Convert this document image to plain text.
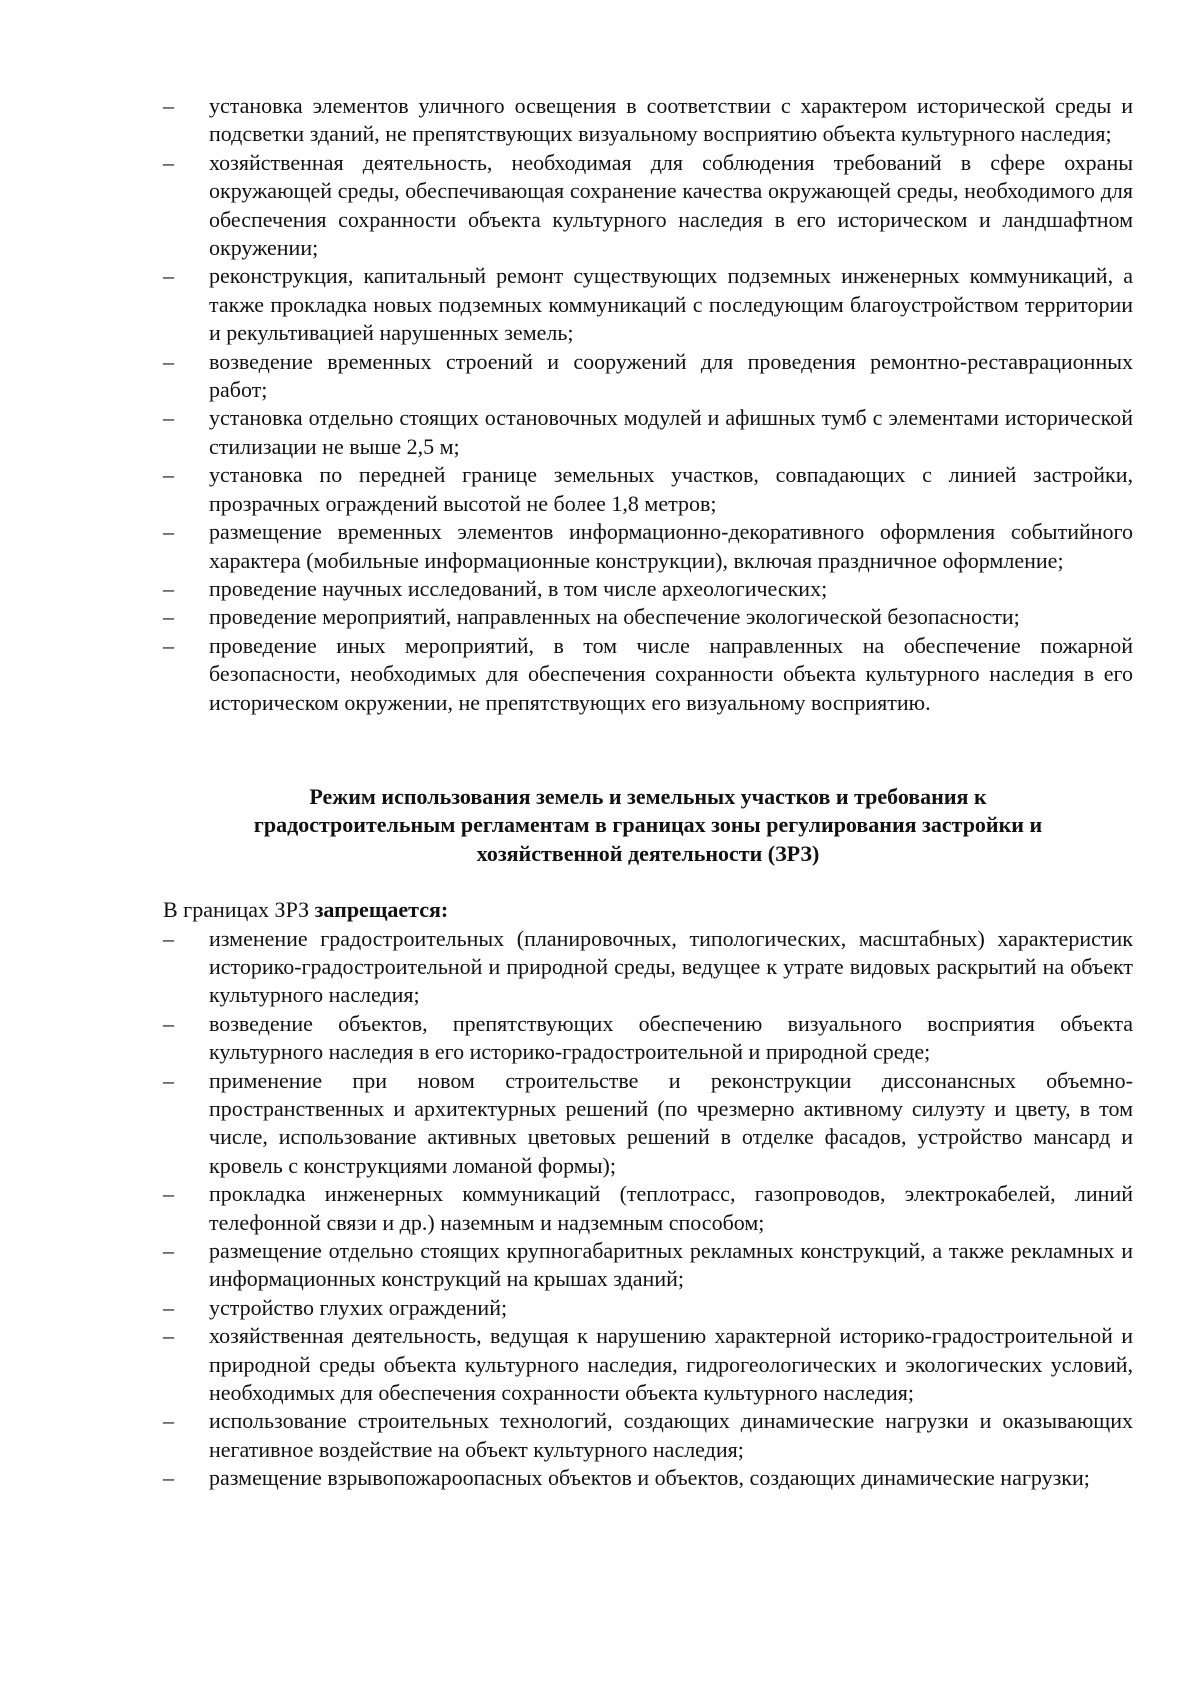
– установка элементов уличного освещения в соответствии с характером исторической среды и подсветки зданий, не препятствующих визуальному восприятию объекта культурного наследия;
– хозяйственная деятельность, необходимая для соблюдения требований в сфере охраны окружающей среды, обеспечивающая сохранение качества окружающей среды, необходимого для обеспечения сохранности объекта культурного наследия в его историческом и ландшафтном окружении;
– реконструкция, капитальный ремонт существующих подземных инженерных коммуникаций, а также прокладка новых подземных коммуникаций с последующим благоустройством территории и рекультивацией нарушенных земель;
– возведение временных строений и сооружений для проведения ремонтно-реставрационных работ;
– установка отдельно стоящих остановочных модулей и афишных тумб с элементами исторической стилизации не выше 2,5 м;
– установка по передней границе земельных участков, совпадающих с линией застройки, прозрачных ограждений высотой не более 1,8 метров;
– размещение временных элементов информационно-декоративного оформления событийного характера (мобильные информационные конструкции), включая праздничное оформление;
– проведение научных исследований, в том числе археологических;
– проведение мероприятий, направленных на обеспечение экологической безопасности;
– проведение иных мероприятий, в том числе направленных на обеспечение пожарной безопасности, необходимых для обеспечения сохранности объекта культурного наследия в его историческом окружении, не препятствующих его визуальному восприятию.
Режим использования земель и земельных участков и требования к
градостроительным регламентам в границах зоны регулирования застройки и
хозяйственной деятельности (ЗРЗ)

В границах ЗРЗ запрещается:

– изменение градостроительных (планировочных, типологических, масштабных) характеристик историко-градостроительной и природной среды, ведущее к утрате видовых раскрытий на объект культурного наследия;
– возведение объектов, препятствующих обеспечению визуального восприятия объекта культурного наследия в его историко-градостроительной и природной среде;
– применение при новом строительстве и реконструкции диссонансных объемно-пространственных и архитектурных решений (по чрезмерно активному силуэту и цвету, в том числе, использование активных цветовых решений в отделке фасадов, устройство мансард и кровель с конструкциями ломаной формы);
– прокладка инженерных коммуникаций (теплотрасс, газопроводов, электрокабелей, линий телефонной связи и др.) наземным и надземным способом;
– размещение отдельно стоящих крупногабаритных рекламных конструкций, а также рекламных и информационных конструкций на крышах зданий;
– устройство глухих ограждений;
– хозяйственная деятельность, ведущая к нарушению характерной историко-градостроительной и природной среды объекта культурного наследия, гидрогеологических и экологических условий, необходимых для обеспечения сохранности объекта культурного наследия;
– использование строительных технологий, создающих динамические нагрузки и оказывающих негативное воздействие на объект культурного наследия;
– размещение взрывопожароопасных объектов и объектов, создающих динамические нагрузки;
